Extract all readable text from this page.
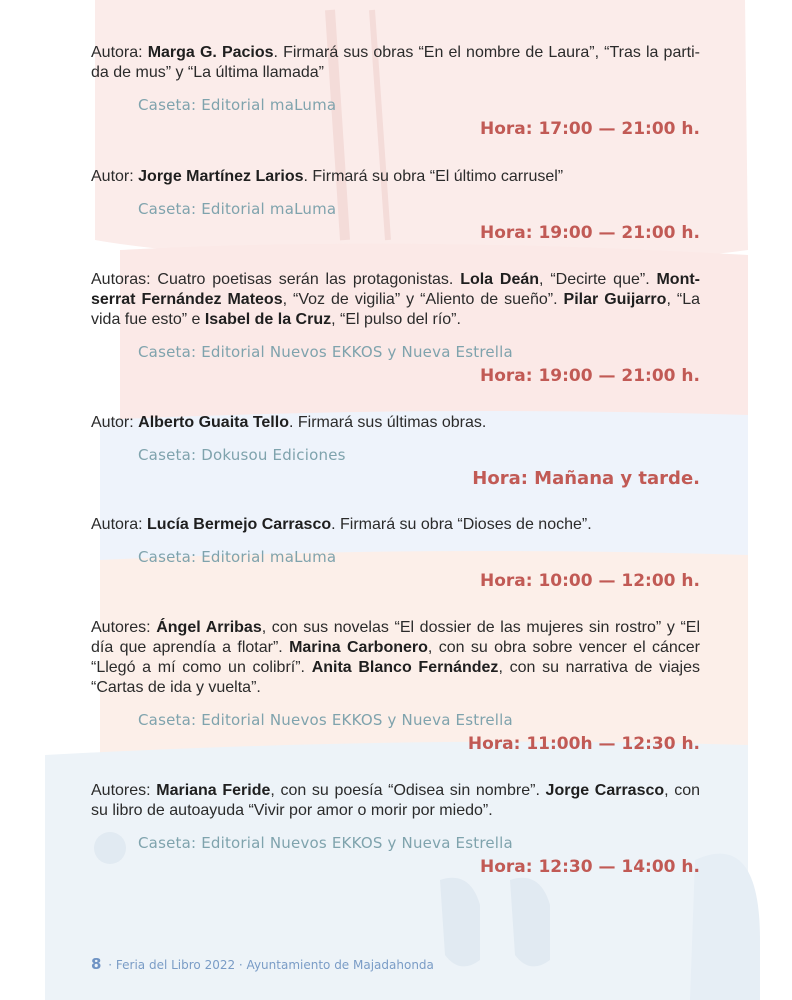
Autora: Marga G. Pacios. Firmará sus obras “En el nombre de Laura”, “Tras la parti-da de mus” y “La última llamada”

Caseta: Editorial maLuma

Hora: 17:00 — 21:00 h.

Autor: Jorge Martínez Larios. Firmará su obra “El último carrusel”

Caseta: Editorial maLuma

Hora: 19:00 — 21:00 h.

Autoras: Cuatro poetisas serán las protagonistas. Lola Deán, “Decirte que”. Mont-serrat Fernández Mateos, “Voz de vigilia” y “Aliento de sueño”. Pilar Guijarro, “La vida fue esto” e Isabel de la Cruz, “El pulso del río”.

Caseta: Editorial Nuevos EKKOS y Nueva Estrella

Hora: 19:00 — 21:00 h.

Autor: Alberto Guaita Tello. Firmará sus últimas obras.

Caseta: Dokusou Ediciones

Hora: Mañana y tarde.

Autora: Lucía Bermejo Carrasco. Firmará su obra “Dioses de noche”.

Caseta: Editorial maLuma

Hora: 10:00 — 12:00 h.

Autores: Ángel Arribas, con sus novelas “El dossier de las mujeres sin rostro” y “El día que aprendía a flotar”. Marina Carbonero, con su obra sobre vencer el cáncer “Llegó a mí como un colibrí”. Anita Blanco Fernández, con su narrativa de viajes “Cartas de ida y vuelta”.

Caseta: Editorial Nuevos EKKOS y Nueva Estrella

Hora: 11:00h — 12:30 h.

Autores: Mariana Feride, con su poesía “Odisea sin nombre”. Jorge Carrasco, con su libro de autoayuda “Vivir por amor o morir por miedo”.

Caseta: Editorial Nuevos EKKOS y Nueva Estrella

Hora: 12:30 — 14:00 h.

8 · Feria del Libro 2022 · Ayuntamiento de Majadahonda
